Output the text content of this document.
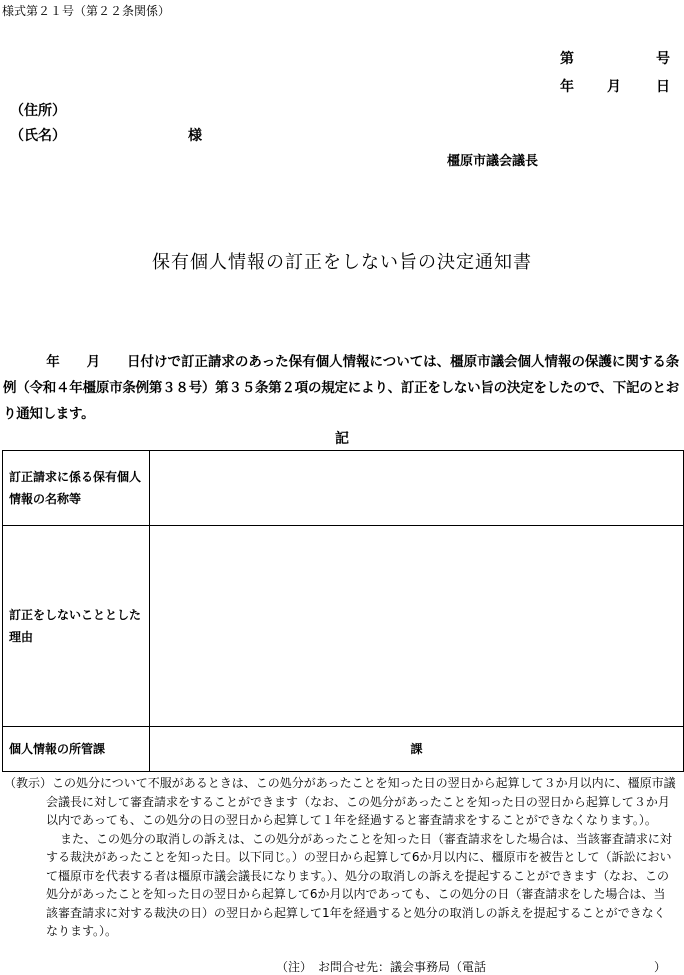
様式第２１号（第２２条関係）
第	号
年 月	日
（住所）
（氏名）	様
橿原市議会議長
保有個人情報の訂正をしない旨の決定通知書
年　　月　　日付けで訂正請求のあった保有個人情報については、橿原市議会個人情報の保護に関する条例（令和４年橿原市条例第３８号）第３５条第２項の規定により、訂正をしない旨の決定をしたので、下記のとおり通知します。
記
訂正請求に係る保有個人情報の名称等	
訂正をしないこととした理由	
個人情報の所管課	課

（教示）この処分について不服があるときは、この処分があったことを知った日の翌日から起算して３か月以内に、橿原市議会議長に対して審査請求をすることができます（なお、この処分があったことを知った日の翌日から起算して３か月以内であっても、この処分の日の翌日から起算して１年を経過すると審査請求をすることができなくなります。）。

また、この処分の取消しの訴えは、この処分があったことを知った日（審査請求をした場合は、当該審査請求に対する裁決があったことを知った日。以下同じ。）の翌日から起算して6か月以内に、橿原市を被告として（訴訟において橿原市を代表する者は橿原市議会議長になります。）、処分の取消しの訴えを提起することができます（なお、この処分があったことを知った日の翌日から起算して6か月以内であっても、この処分の日（審査請求をした場合は、当該審査請求に対する裁決の日）の翌日から起算して1年を経過すると処分の取消しの訴えを提起することができなくなります。）。

（注）　お問合せ先：議会事務局（電話	）
